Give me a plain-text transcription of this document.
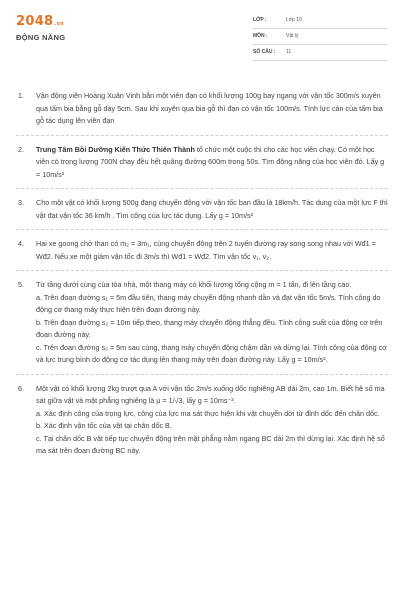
2048.vn
ĐỘNG NĂNG
LỚP :	Lớp 10
MÔN :	Vật lý
SỐ CÂU : 11
1. Vận động viên Hoàng Xuân Vinh bắn một viên đạn có khối lượng 100g bay ngang với vận tốc 300m/s xuyên qua tấm bia bằng gỗ dày 5cm. Sau khi xuyên qua bia gỗ thì đạn có vận tốc 100m/s. Tính lực cản của tấm bia gỗ tác dụng lên viên đạn
2. Trung Tâm Bồi Dưỡng Kiến Thức Thiên Thành tổ chức một cuộc thi cho các học viên chạy. Có một học viên có trọng lượng 700N chạy đều hết quãng đường 600m trong 50s. Tìm động năng của học viên đó. Lấy g = 10m/s²
3. Cho một vật có khối lượng 500g đang chuyển động với vận tốc ban đầu là 18km/h. Tác dụng của một lực F thì vật đạt vận tốc 36 km/h . Tìm công của lực tác dụng. Lấy g = 10m/s²
4. Hai xe goong chở than có m₂ = 3m₁, cùng chuyển động trên 2 tuyến đường ray song song nhau với Wđ1 = Wđ2. Nếu xe một giảm vận tốc đi 3m/s thì Wđ1 = Wđ2. Tìm vận tốc v₁, v₂.
5. Từ tầng dưới cùng của tòa nhà, một thang máy có khối lượng tổng cộng m = 1 tấn, đi lên tầng cao.
a. Trên đoạn đường s₁ = 5m đầu tiên, thang máy chuyển động nhanh dần và đạt vận tốc 5m/s. Tính công do động cơ thang máy thực hiện trên đoạn đường này.
b. Trên đoạn đường s₂ = 10m tiếp theo, thang máy chuyển động thẳng đều. Tính công suất của động cơ trên đoạn đường này.
c. Trên đoạn đường s₃ = 5m sau cùng, thang máy chuyển động chậm dần và dừng lại. Tính công của động cơ và lực trung bình do động cơ tác dụng lên thang máy trên đoạn đường này. Lấy g = 10m/s².
6. Một vật có khối lượng 2kg trượt qua A với vận tốc 2m/s xuống dốc nghiêng AB dài 2m, cao 1m. Biết hệ số ma sát giữa vật và mặt phẳng nghiêng là μ = 1/√3, lấy g = 10ms⁻².
a. Xác định công của trọng lực, công của lực ma sát thực hiện khi vật chuyển dời từ đỉnh dốc đến chân dốc.
b. Xác định vận tốc của vật tại chân dốc B.
c. Tại chân dốc B vật tiếp tục chuyển động trên mặt phẳng nằm ngang BC dài 2m thì dừng lại. Xác định hệ số ma sát trên đoạn đường BC này.
